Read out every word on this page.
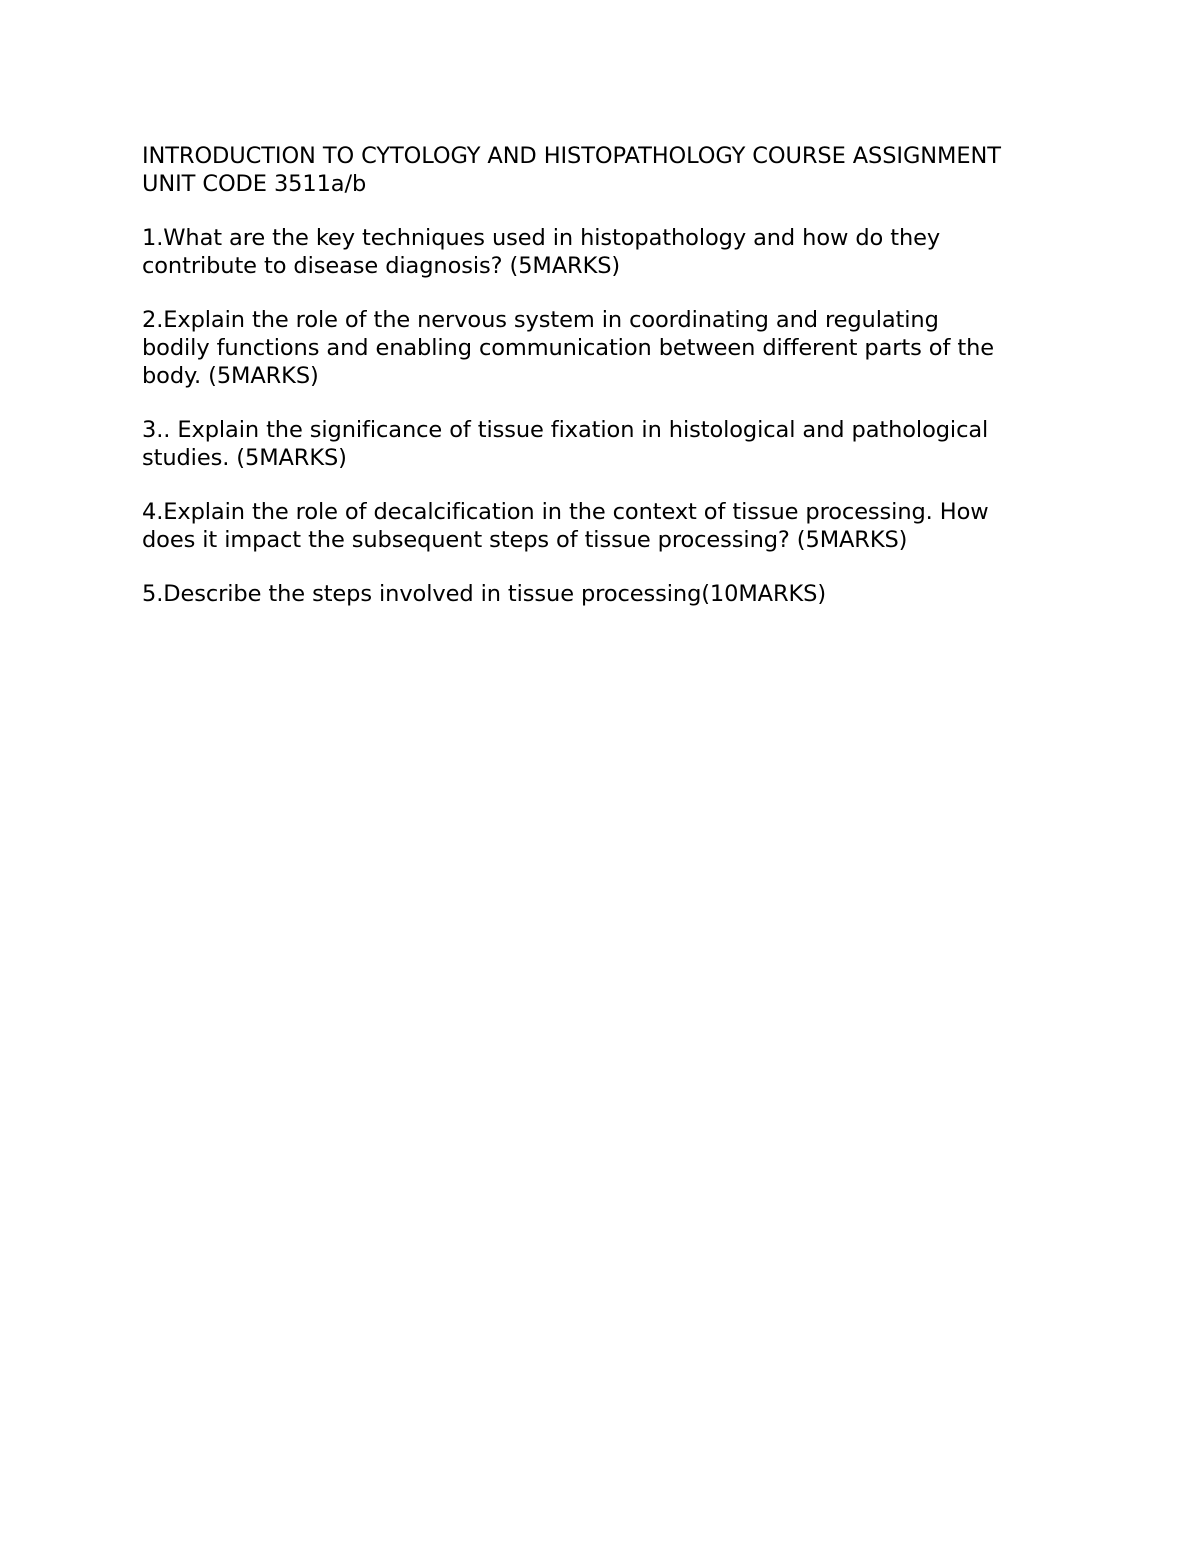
INTRODUCTION TO CYTOLOGY AND HISTOPATHOLOGY COURSE ASSIGNMENT
UNIT CODE 3511a/b
1.What are the key techniques used in histopathology and how do they
contribute to disease diagnosis? (5MARKS)
2.Explain the role of the nervous system in coordinating and regulating
bodily functions and enabling communication between different parts of the
body. (5MARKS)
3.. Explain the significance of tissue fixation in histological and pathological
studies. (5MARKS)
4.Explain the role of decalcification in the context of tissue processing. How
does it impact the subsequent steps of tissue processing? (5MARKS)
5.Describe the steps involved in tissue processing(10MARKS)
